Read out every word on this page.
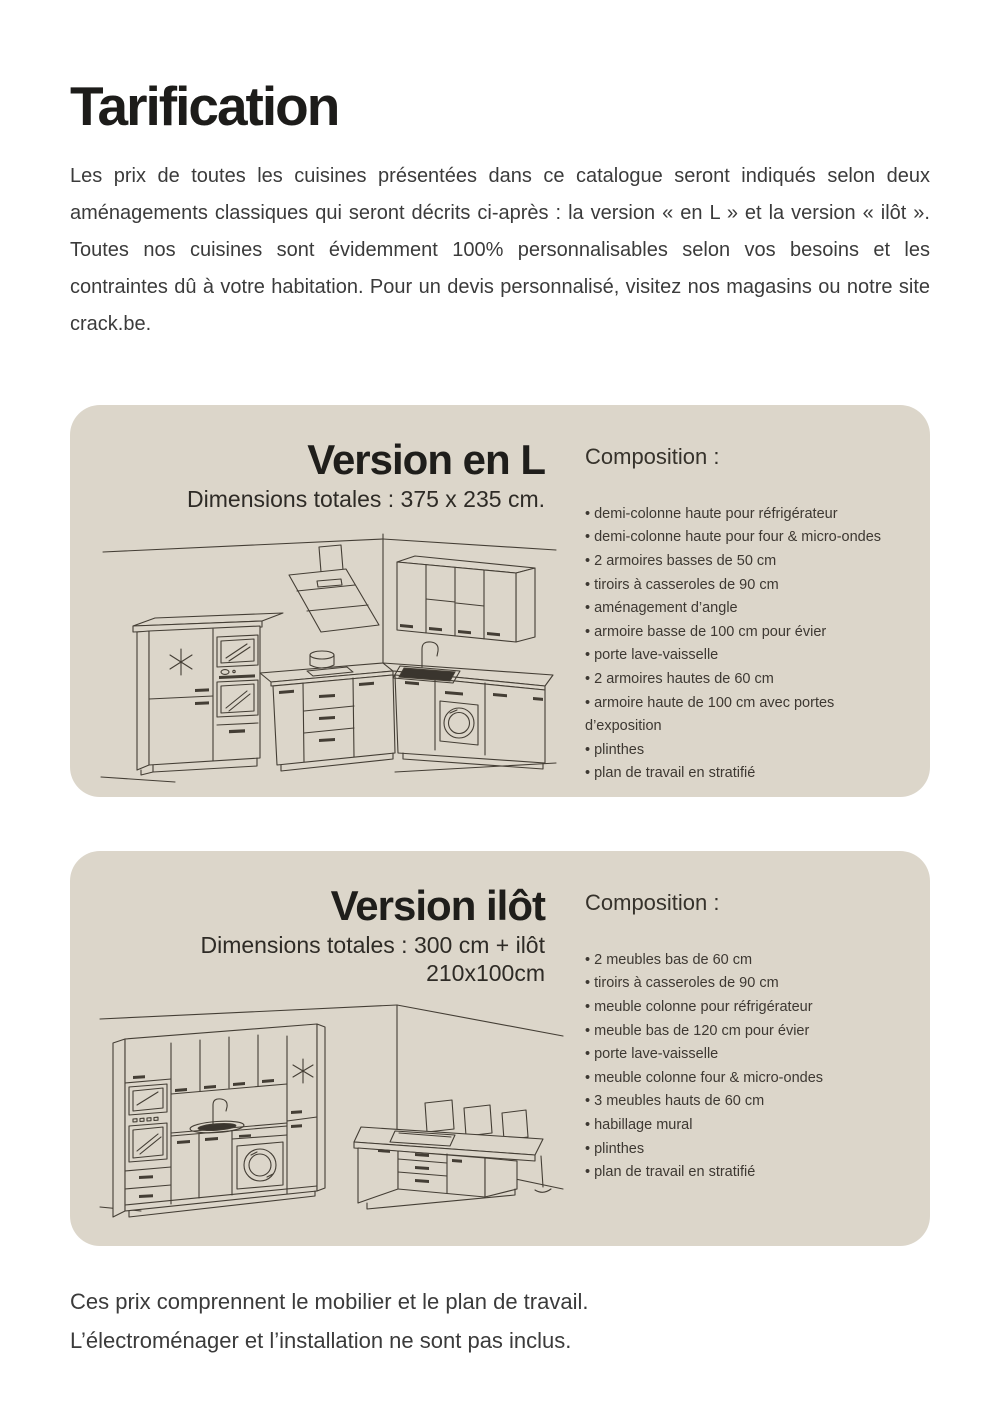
Tarification

Les prix de toutes les cuisines présentées dans ce catalogue seront indiqués selon deux aménagements classiques qui seront décrits ci-après : la version « en L » et la version « ilôt ». Toutes nos cuisines sont évidemment 100% personnalisables selon vos besoins et les contraintes dû à votre habitation. Pour un devis personnalisé, visitez nos magasins ou notre site crack.be.

Version en L
Dimensions totales : 375 x 235 cm.
Composition :
• demi-colonne haute pour réfrigérateur
• demi-colonne haute pour four & micro-ondes
• 2 armoires basses de 50 cm
• tiroirs à casseroles de 90 cm
• aménagement d’angle
• armoire basse de 100 cm pour évier
• porte lave-vaisselle
• 2 armoires hautes de 60 cm
• armoire haute de 100 cm avec portes d’exposition
• plinthes
• plan de travail en stratifié
Version ilôt
Dimensions totales : 300 cm + ilôt 210x100cm
Composition :
• 2 meubles bas de 60 cm
• tiroirs à casseroles de 90 cm
• meuble colonne pour réfrigérateur
• meuble bas de 120 cm pour évier
• porte lave-vaisselle
• meuble colonne four & micro-ondes
• 3 meubles hauts de 60 cm
• habillage mural
• plinthes
• plan de travail en stratifié
Ces prix comprennent le mobilier et le plan de travail.
L’électroménager et l’installation ne sont pas inclus.
